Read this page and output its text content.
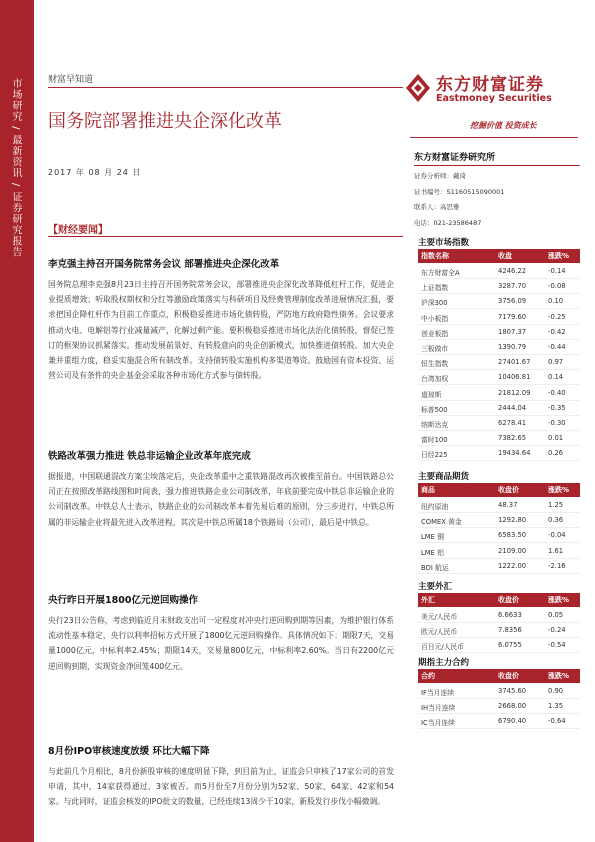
市场研究 / 最新资讯 / 证券研究报告	财富早知道
国务院部署推进央企深化改革
2017 年 08 月 24 日
东方财富证券
Eastmoney Securities
挖掘价值 投资成长
东方财富证券研究所
证券分析师：戴琦
证书编号：S1160515090001
联系人：高思雅
电话：021-23586487
【财经要闻】
李克强主持召开国务院常务会议 部署推进央企深化改革
国务院总理李克强8月23日主持召开国务院常务会议，部署推进央企深化改革降低杠杆工作，促进企业提质增效；听取股权期权和分红等激励政策落实与科研项目及经费管理制度改革进展情况汇报，要求把国企降杠杆作为目前工作重点，积极稳妥推进市场化债转股，严防地方政府隐性债务。会议要求推动火电、电解铝等行业减量减产，化解过剩产能。要积极稳妥推进市场化法治化债转股，督促已签订的框架协议抓紧落实。推动发展前景好、有转股意向的央企创新模式，加快推进债转股。加大央企兼并重组力度，稳妥实施混合所有制改革。支持债转股实施机构多渠道筹资。鼓励国有资本投资、运营公司及有条件的央企基金会采取各种市场化方式参与债转股。
铁路改革强力推进 铁总非运输企业改革年底完成
据报道，中国联通混改方案尘埃落定后，央企改革重中之重铁路混改再次被推至前台。中国铁路总公司正在按照改革路线图和时间表，强力推进铁路企业公司制改革，年底前要完成中铁总非运输企业的公司制改革。中铁总人士表示，铁路企业的公司制改革本着先易后难的原则，分三步进行，中铁总所属的非运输企业将最先进入改革进程，其次是中铁总所属18个铁路局（公司），最后是中铁总。
央行昨日开展1800亿元逆回购操作
央行23日公告称，考虑到临近月末财政支出可一定程度对冲央行逆回购到期等因素，为维护银行体系流动性基本稳定，央行以利率招标方式开展了1800亿元逆回购操作。具体情况如下：期限7天，交易量1000亿元，中标利率2.45%；期限14天，交易量800亿元，中标利率2.60%。当日有2200亿元逆回购到期，实现资金净回笼400亿元。
8月份IPO审核速度放缓 环比大幅下降
与此前几个月相比，8月份新股审核的速度明显下降，到目前为止，证监会只审核了17家公司的首发申请，其中，14家获得通过，3家被否。而5月份至7月份分别为52家、50家、64家、42家和54家。与此同时，证监会核发的IPO批文的数量，已经连续13周少于10家，新股发行步伐小幅微调。
主要市场指数
指数名称	收盘	涨跌%
东方财富全A	4246.22	-0.14
上证指数	3287.70	-0.08
沪深300	3756.09	0.10
中小板指	7179.60	-0.25
创业板指	1807.37	-0.42
三板做市	1390.79	-0.44
恒生指数	27401.67	0.97
台湾加权	10406.81	0.14
道琼斯	21812.09	-0.40
标普500	2444.04	-0.35
纳斯达克	6278.41	-0.30
富时100	7382.65	0.01
日经225	19434.64	0.26
主要商品期货
商品	收盘价	涨跌%
纽约原油	48.37	1.25
COMEX 黄金	1292.80	0.36
LME 铜	6583.50	-0.04
LME 铝	2109.00	1.61
BDI 航运	1222.00	-2.16
主要外汇
外汇	收盘价	涨跌%
美元/人民币	6.6633	0.05
欧元/人民币	7.8356	-0.24
百日元/人民币	6.0755	-0.54
期指主力合约
合约	收盘价	涨跌%
IF当月连续	3745.60	0.90
IH当月连续	2668.00	1.35
IC当月连续	6790.40	-0.64
